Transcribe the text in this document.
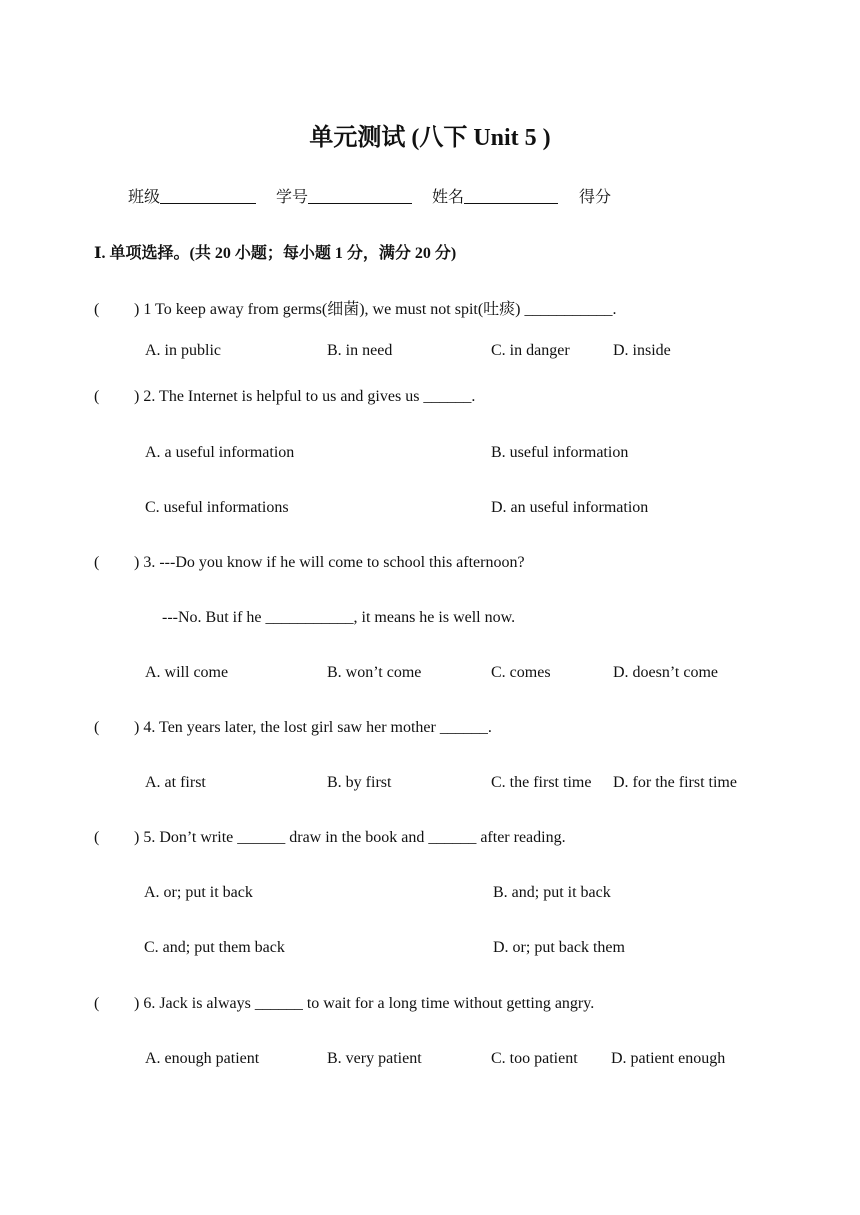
单元测试 (八下 Unit 5 )
班级	学号	姓名	得分
Ⅰ. 单项选择。(共 20 小题；每小题 1 分，满分 20 分)
( ) 1 To keep away from germs(细菌), we must not spit(吐痰) ___________.
A. in public	B. in need	C. in danger	D. inside
( ) 2. The Internet is helpful to us and gives us ______.
A. a useful information	B. useful information
C. useful informations	D. an useful information
( ) 3. ---Do you know if he will come to school this afternoon?
---No. But if he ___________, it means he is well now.
A. will come	B. won’t come	C. comes	D. doesn’t come
( ) 4. Ten years later, the lost girl saw her mother ______.
A. at first	B. by first	C. the first time D. for the first time
( ) 5. Don’t write ______ draw in the book and ______ after reading.
A. or; put it back	B. and; put it back
C. and; put them back	D. or; put back them
( ) 6. Jack is always ______ to wait for a long time without getting angry.
A. enough patient	B. very patient	C. too patient D. patient enough
